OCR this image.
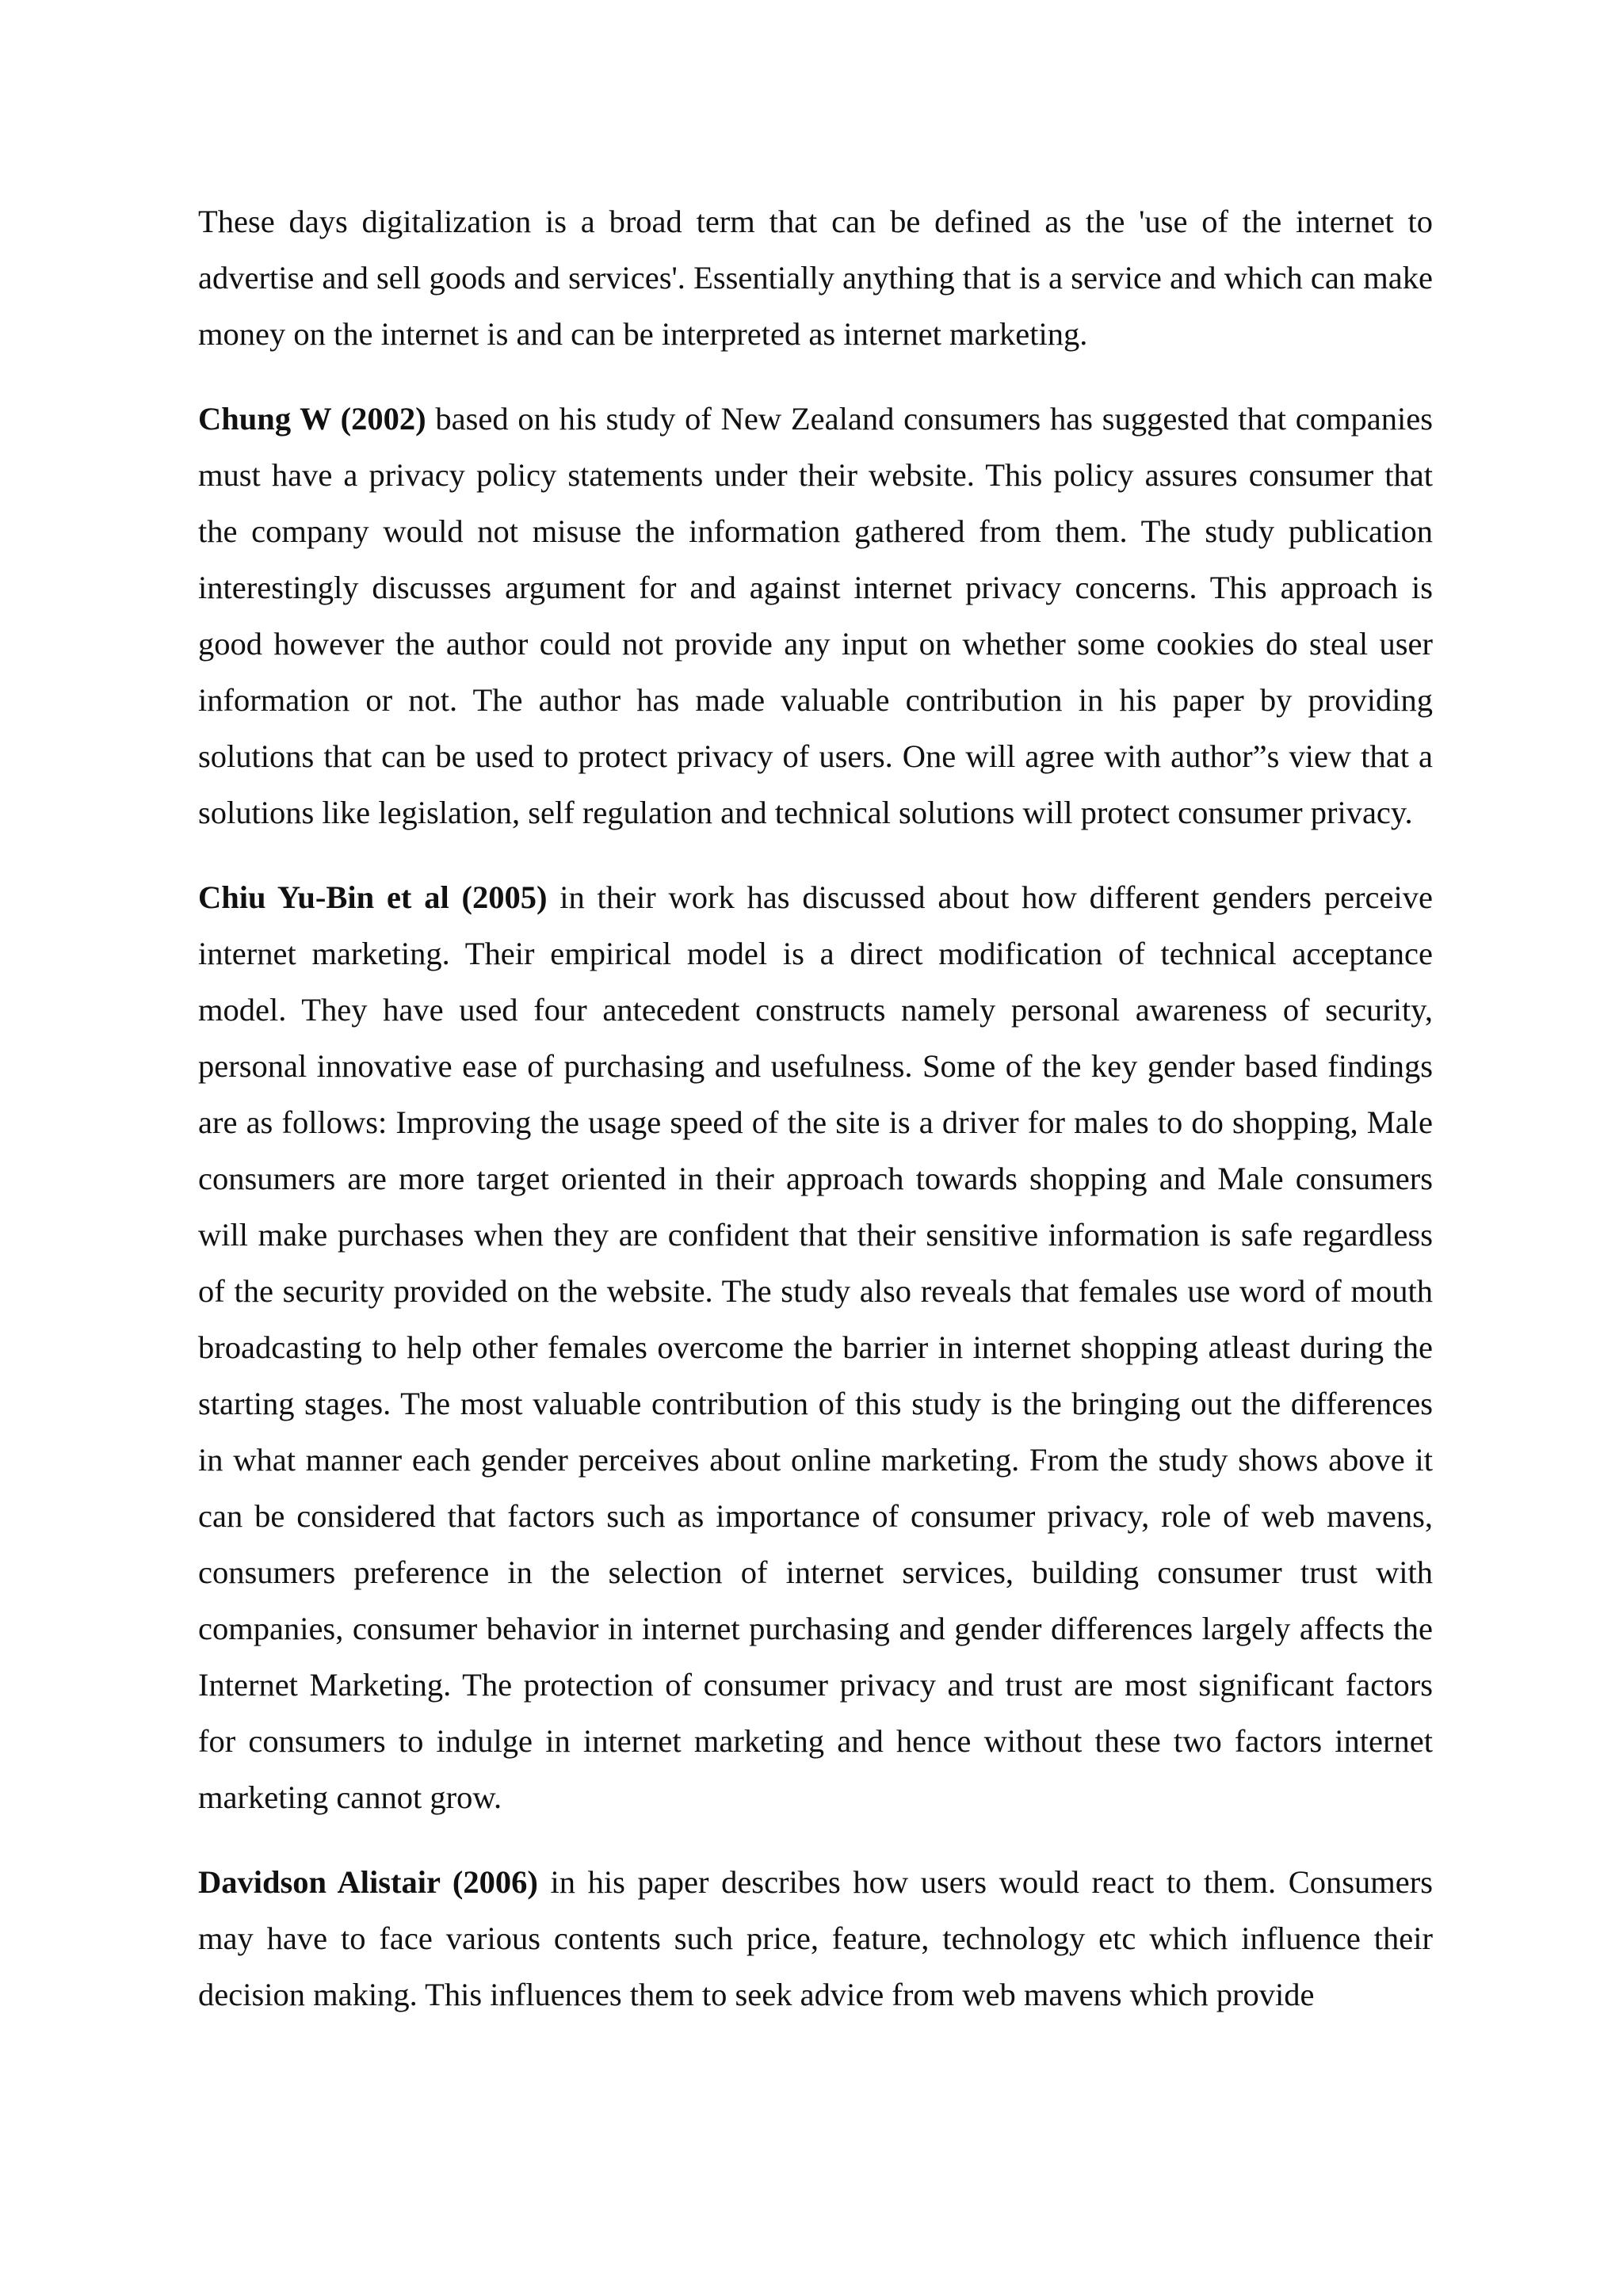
These days digitalization is a broad term that can be defined as the 'use of the internet to advertise and sell goods and services'. Essentially anything that is a service and which can make money on the internet is and can be interpreted as internet marketing.

Chung W (2002) based on his study of New Zealand consumers has suggested that companies must have a privacy policy statements under their website. This policy assures consumer that the company would not misuse the information gathered from them. The study publication interestingly discusses argument for and against internet privacy concerns. This approach is good however the author could not provide any input on whether some cookies do steal user information or not. The author has made valuable contribution in his paper by providing solutions that can be used to protect privacy of users. One will agree with author”s view that a solutions like legislation, self regulation and technical solutions will protect consumer privacy.

Chiu Yu-Bin et al (2005) in their work has discussed about how different genders perceive internet marketing. Their empirical model is a direct modification of technical acceptance model. They have used four antecedent constructs namely personal awareness of security, personal innovative ease of purchasing and usefulness. Some of the key gender based findings are as follows: Improving the usage speed of the site is a driver for males to do shopping, Male consumers are more target oriented in their approach towards shopping and Male consumers will make purchases when they are confident that their sensitive information is safe regardless of the security provided on the website. The study also reveals that females use word of mouth broadcasting to help other females overcome the barrier in internet shopping atleast during the starting stages. The most valuable contribution of this study is the bringing out the differences in what manner each gender perceives about online marketing. From the study shows above it can be considered that factors such as importance of consumer privacy, role of web mavens, consumers preference in the selection of internet services, building consumer trust with companies, consumer behavior in internet purchasing and gender differences largely affects the Internet Marketing. The protection of consumer privacy and trust are most significant factors for consumers to indulge in internet marketing and hence without these two factors internet marketing cannot grow.

Davidson Alistair (2006) in his paper describes how users would react to them. Consumers may have to face various contents such price, feature, technology etc which influence their decision making. This influences them to seek advice from web mavens which provide
